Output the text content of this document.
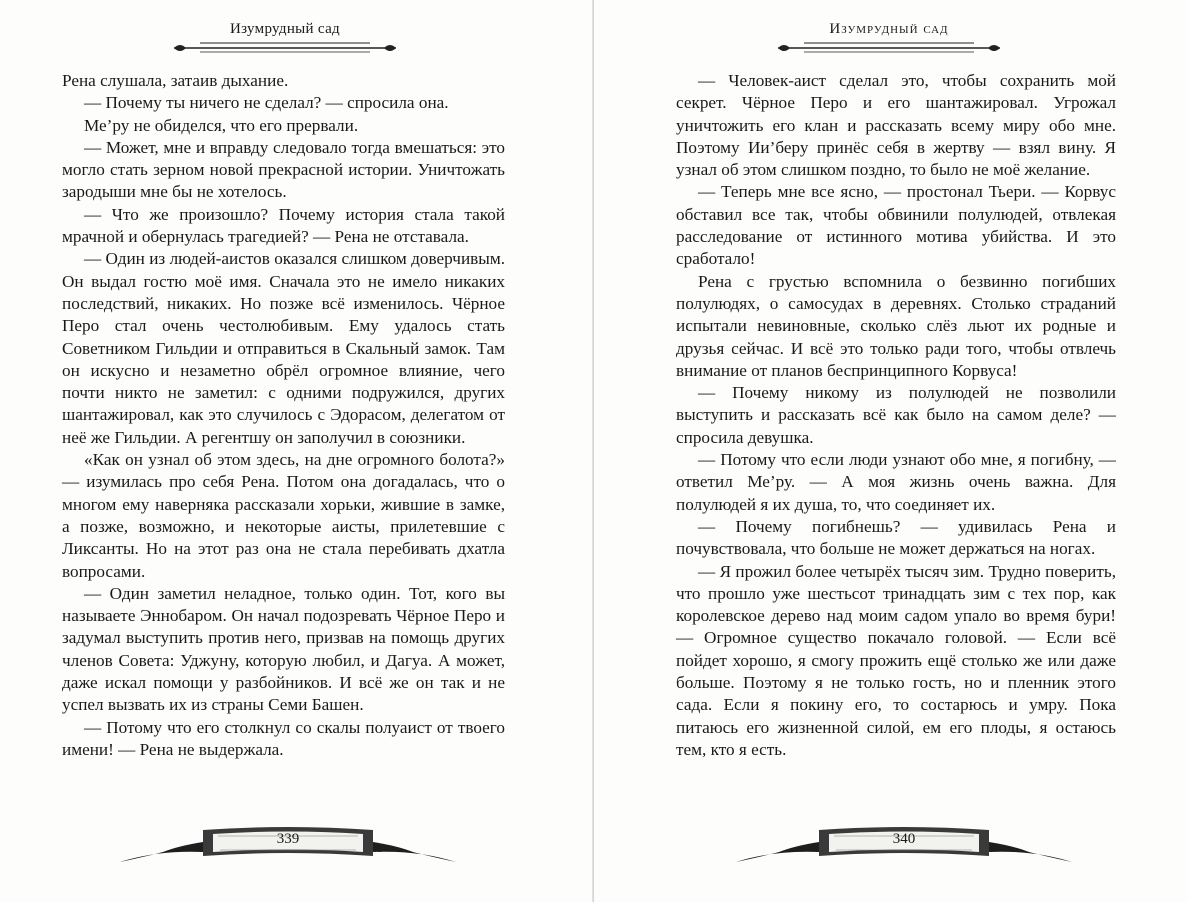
Изумрудный сад

Рена слушала, затаив дыхание.

— Почему ты ничего не сделал? — спросила она.

Ме’ру не обиделся, что его прервали.

— Может, мне и вправду следовало тогда вмешаться: это могло стать зерном новой прекрасной истории. Уничтожать зародыши мне бы не хотелось.

— Что же произошло? Почему история стала такой мрачной и обернулась трагедией? — Рена не отставала.

— Один из людей-аистов оказался слишком доверчивым. Он выдал гостю моё имя. Сначала это не имело никаких последствий, никаких. Но позже всё изменилось. Чёрное Перо стал очень честолюбивым. Ему удалось стать Советником Гильдии и отправиться в Скальный замок. Там он искусно и незаметно обрёл огромное влияние, чего почти никто не заметил: с одними подружился, других шантажировал, как это случилось с Эдорасом, делегатом от неё же Гильдии. А регентшу он заполучил в союзники.

«Как он узнал об этом здесь, на дне огромного болота?» — изумилась про себя Рена. Потом она догадалась, что о многом ему наверняка рассказали хорьки, жившие в замке, а позже, возможно, и некоторые аисты, прилетевшие с Ликсанты. Но на этот раз она не стала перебивать дхатла вопросами.

— Один заметил неладное, только один. Тот, кого вы называете Эннобаром. Он начал подозревать Чёрное Перо и задумал выступить против него, призвав на помощь других членов Совета: Уджуну, которую любил, и Дагуа. А может, даже искал помощи у разбойников. И всё же он так и не успел вызвать их из страны Семи Башен.

— Потому что его столкнул со скалы полуаист от твоего имени! — Рена не выдержала.

339
Изумрудный сад

— Человек-аист сделал это, чтобы сохранить мой секрет. Чёрное Перо и его шантажировал. Угрожал уничтожить его клан и рассказать всему миру обо мне. Поэтому Ии’беру принёс себя в жертву — взял вину. Я узнал об этом слишком поздно, то было не моё желание.

— Теперь мне все ясно, — простонал Тьери. — Корвус обставил все так, чтобы обвинили полулюдей, отвлекая расследование от истинного мотива убийства. И это сработало!

Рена с грустью вспомнила о безвинно погибших полулюдях, о самосудах в деревнях. Столько страданий испытали невиновные, сколько слёз льют их родные и друзья сейчас. И всё это только ради того, чтобы отвлечь внимание от планов беспринципного Корвуса!

— Почему никому из полулюдей не позволили выступить и рассказать всё как было на самом деле? — спросила девушка.

— Потому что если люди узнают обо мне, я погибну, — ответил Ме’ру. — А моя жизнь очень важна. Для полулюдей я их душа, то, что соединяет их.

— Почему погибнешь? — удивилась Рена и почувствовала, что больше не может держаться на ногах.

— Я прожил более четырёх тысяч зим. Трудно поверить, что прошло уже шестьсот тринадцать зим с тех пор, как королевское дерево над моим садом упало во время бури! — Огромное существо покачало головой. — Если всё пойдет хорошо, я смогу прожить ещё столько же или даже больше. Поэтому я не только гость, но и пленник этого сада. Если я покину его, то состарюсь и умру. Пока питаюсь его жизненной силой, ем его плоды, я остаюсь тем, кто я есть.

340
